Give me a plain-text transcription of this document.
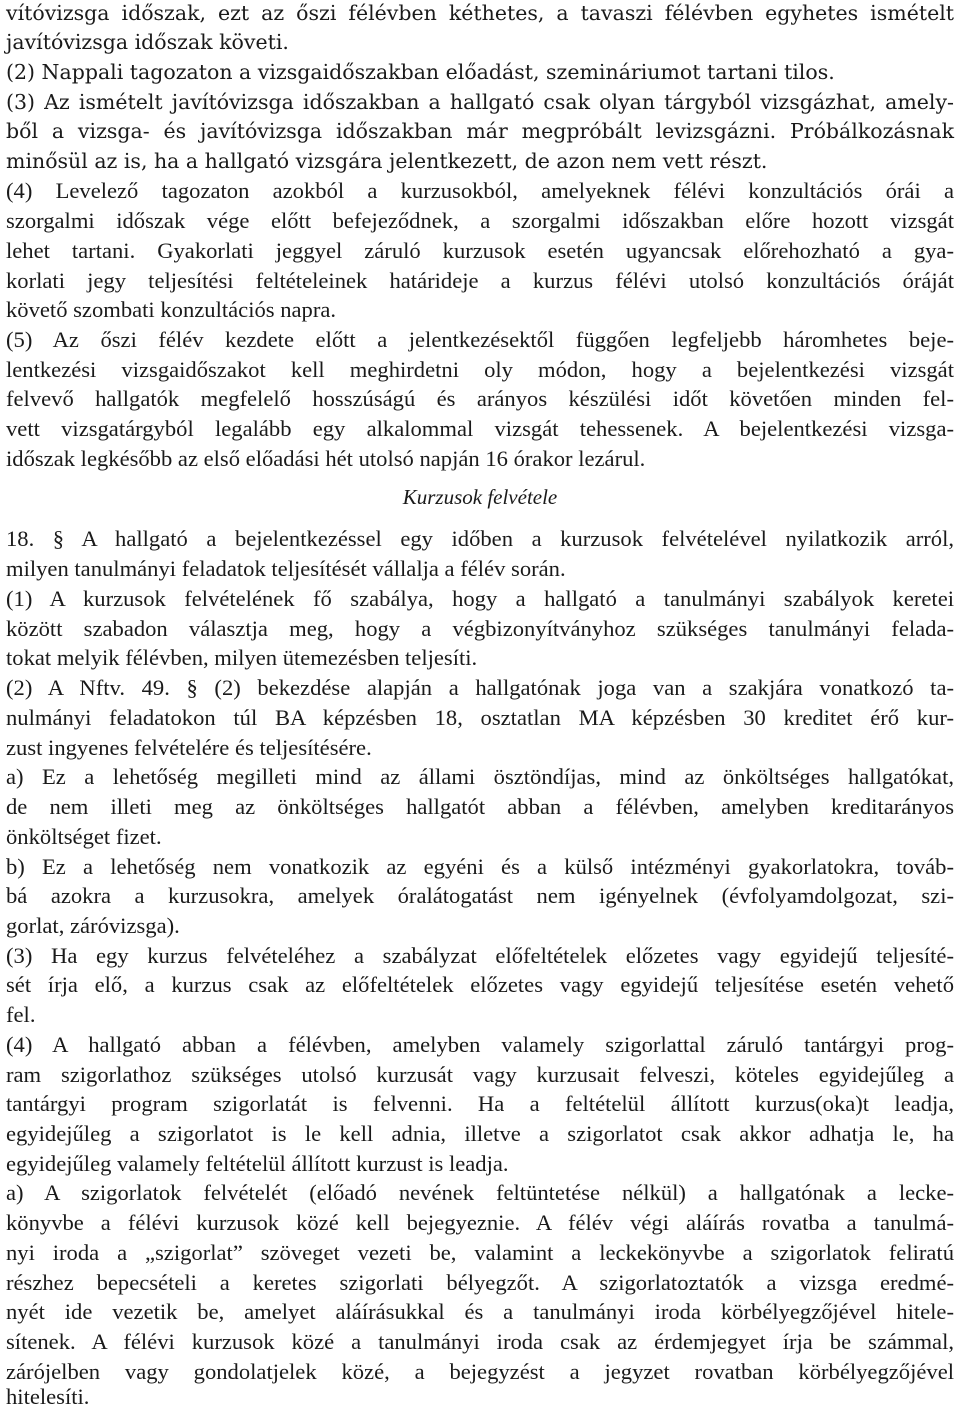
vítóvizsga időszak, ezt az őszi félévben kéthetes, a tavaszi félévben egyhetes ismételt
javítóvizsga időszak követi.
(2) Nappali tagozaton a vizsgaidőszakban előadást, szemináriumot tartani tilos.
(3) Az ismételt javítóvizsga időszakban a hallgató csak olyan tárgyból vizsgázhat, amely-
ből a vizsga- és javítóvizsga időszakban már megpróbált levizsgázni. Próbálkozásnak
minősül az is, ha a hallgató vizsgára jelentkezett, de azon nem vett részt.
(4) Levelező tagozaton azokból a kurzusokból, amelyeknek félévi konzultációs órái a
szorgalmi időszak vége előtt befejeződnek, a szorgalmi időszakban előre hozott vizsgát
lehet tartani. Gyakorlati jeggyel záruló kurzusok esetén ugyancsak előrehozható a gya-
korlati jegy teljesítési feltételeinek határideje a kurzus félévi utolsó konzultációs óráját
követő szombati konzultációs napra.
(5) Az őszi félév kezdete előtt a jelentkezésektől függően legfeljebb háromhetes beje-
lentkezési vizsgaidőszakot kell meghirdetni oly módon, hogy a bejelentkezési vizsgát
felvevő hallgatók megfelelő hosszúságú és arányos készülési időt követően minden fel-
vett vizsgatárgyból legalább egy alkalommal vizsgát tehessenek. A bejelentkezési vizsga-
időszak legkésőbb az első előadási hét utolsó napján 16 órakor lezárul.
Kurzusok felvétele
18. § A hallgató a bejelentkezéssel egy időben a kurzusok felvételével nyilatkozik arról,
milyen tanulmányi feladatok teljesítését vállalja a félév során.
(1) A kurzusok felvételének fő szabálya, hogy a hallgató a tanulmányi szabályok keretei
között szabadon választja meg, hogy a végbizonyítványhoz szükséges tanulmányi felada-
tokat melyik félévben, milyen ütemezésben teljesíti.
(2) A Nftv. 49. § (2) bekezdése alapján a hallgatónak joga van a szakjára vonatkozó ta-
nulmányi feladatokon túl BA képzésben 18, osztatlan MA képzésben 30 kreditet érő kur-
zust ingyenes felvételére és teljesítésére.
a) Ez a lehetőség megilleti mind az állami ösztöndíjas, mind az önköltséges hallgatókat,
de nem illeti meg az önköltséges hallgatót abban a félévben, amelyben kreditarányos
önköltséget fizet.
b) Ez a lehetőség nem vonatkozik az egyéni és a külső intézményi gyakorlatokra, továb-
bá azokra a kurzusokra, amelyek óralátogatást nem igényelnek (évfolyamdolgozat, szi-
gorlat, záróvizsga).
(3) Ha egy kurzus felvételéhez a szabályzat előfeltételek előzetes vagy egyidejű teljesíté-
sét írja elő, a kurzus csak az előfeltételek előzetes vagy egyidejű teljesítése esetén vehető
fel.
(4) A hallgató abban a félévben, amelyben valamely szigorlattal záruló tantárgyi prog-
ram szigorlathoz szükséges utolsó kurzusát vagy kurzusait felveszi, köteles egyidejűleg a
tantárgyi program szigorlatát is felvenni. Ha a feltételül állított kurzus(oka)t leadja,
egyidejűleg a szigorlatot is le kell adnia, illetve a szigorlatot csak akkor adhatja le, ha
egyidejűleg valamely feltételül állított kurzust is leadja.
a) A szigorlatok felvételét (előadó nevének feltüntetése nélkül) a hallgatónak a lecke-
könyvbe a félévi kurzusok közé kell bejegyeznie. A félév végi aláírás rovatba a tanulmá-
nyi iroda a „szigorlat” szöveget vezeti be, valamint a leckekönyvbe a szigorlatok feliratú
részhez bepecsételi a keretes szigorlati bélyegzőt. A szigorlatoztatók a vizsga eredmé-
nyét ide vezetik be, amelyet aláírásukkal és a tanulmányi iroda körbélyegzőjével hitele-
sítenek. A félévi kurzusok közé a tanulmányi iroda csak az érdemjegyet írja be számmal,
zárójelben vagy gondolatjelek közé, a bejegyzést a jegyzet rovatban körbélyegzőjével
hitelesíti.
